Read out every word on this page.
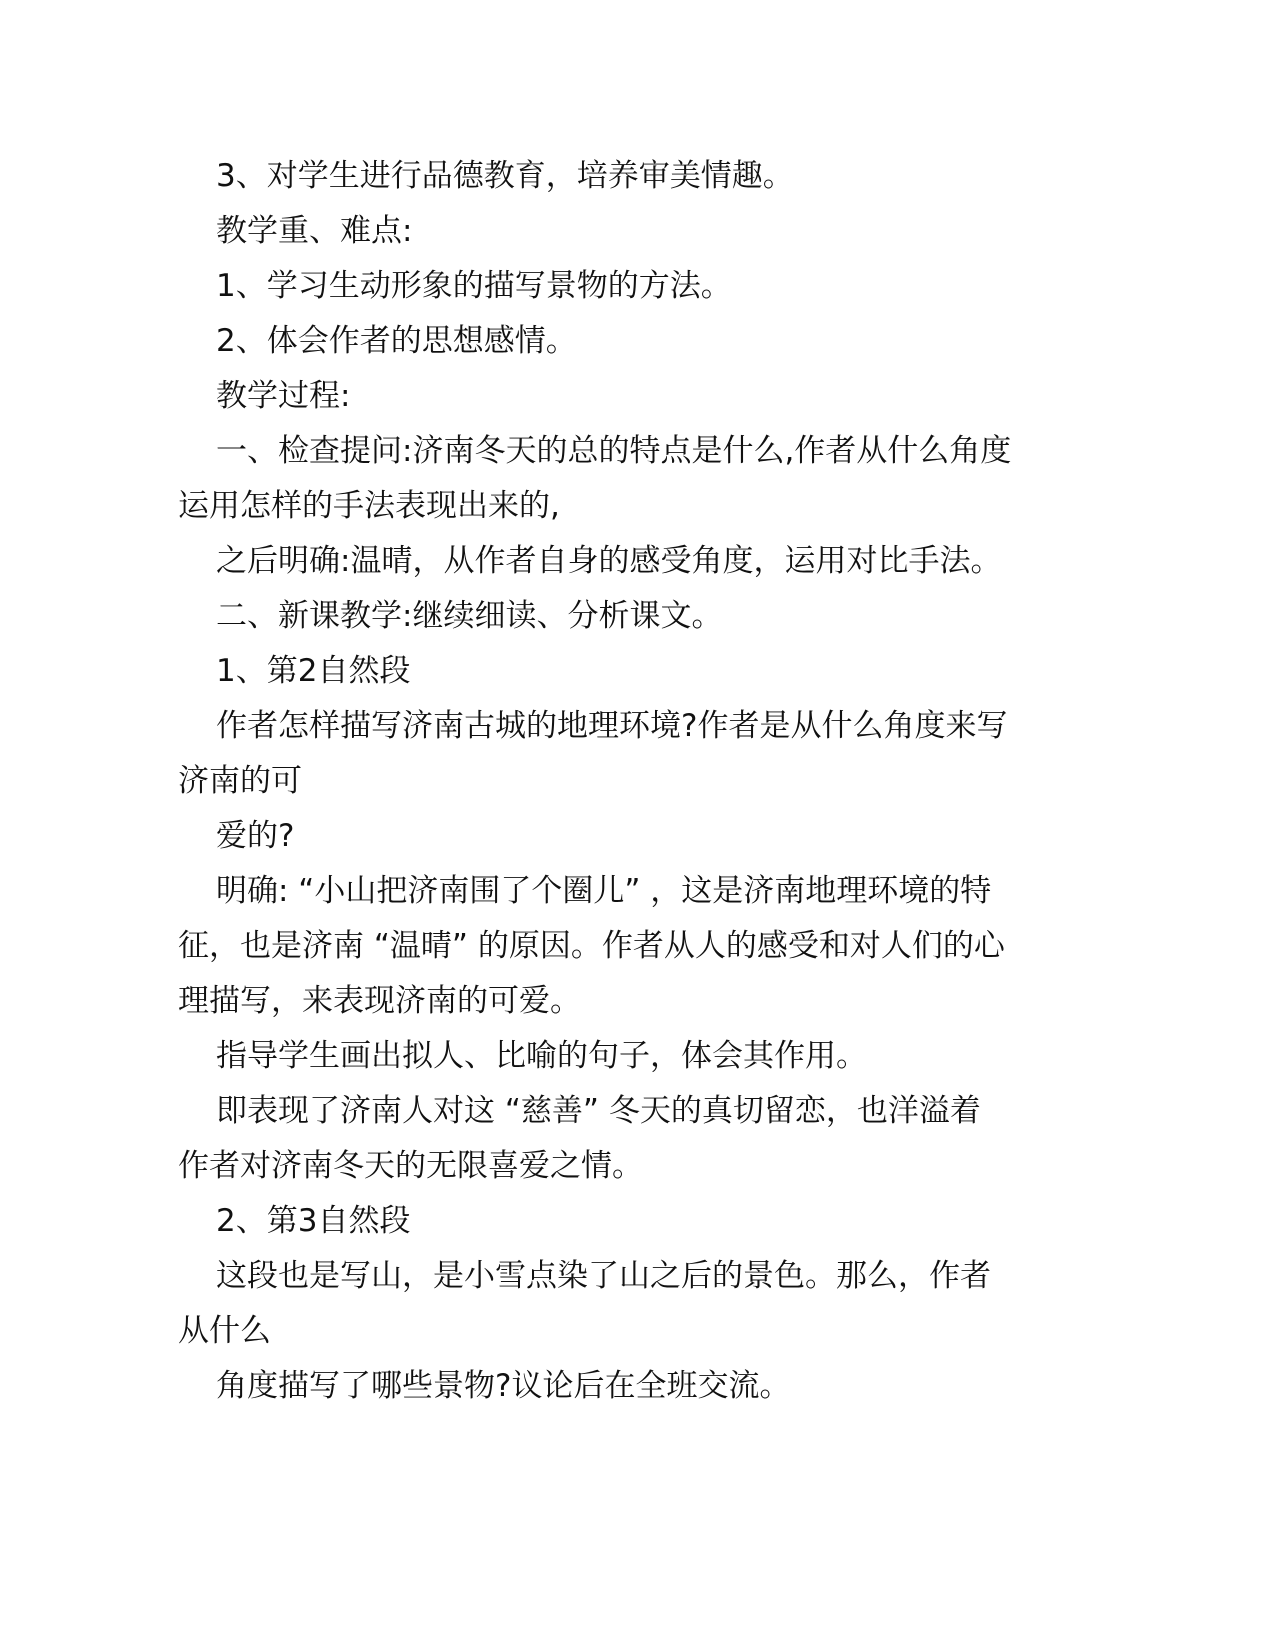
3、对学生进行品德教育，培养审美情趣。

教学重、难点:

1、学习生动形象的描写景物的方法。

2、体会作者的思想感情。

教学过程:

一、检查提问:济南冬天的总的特点是什么,作者从什么角度
运用怎样的手法表现出来的,

之后明确:温晴，从作者自身的感受角度，运用对比手法。

二、新课教学:继续细读、分析课文。

1、第2自然段

作者怎样描写济南古城的地理环境?作者是从什么角度来写
济南的可

爱的?

明确: “小山把济南围了个圈儿” ，这是济南地理环境的特
征，也是济南 “温晴” 的原因。作者从人的感受和对人们的心
理描写，来表现济南的可爱。

指导学生画出拟人、比喻的句子，体会其作用。

即表现了济南人对这 “慈善” 冬天的真切留恋，也洋溢着
作者对济南冬天的无限喜爱之情。

2、第3自然段

这段也是写山，是小雪点染了山之后的景色。那么，作者
从什么

角度描写了哪些景物?议论后在全班交流。
